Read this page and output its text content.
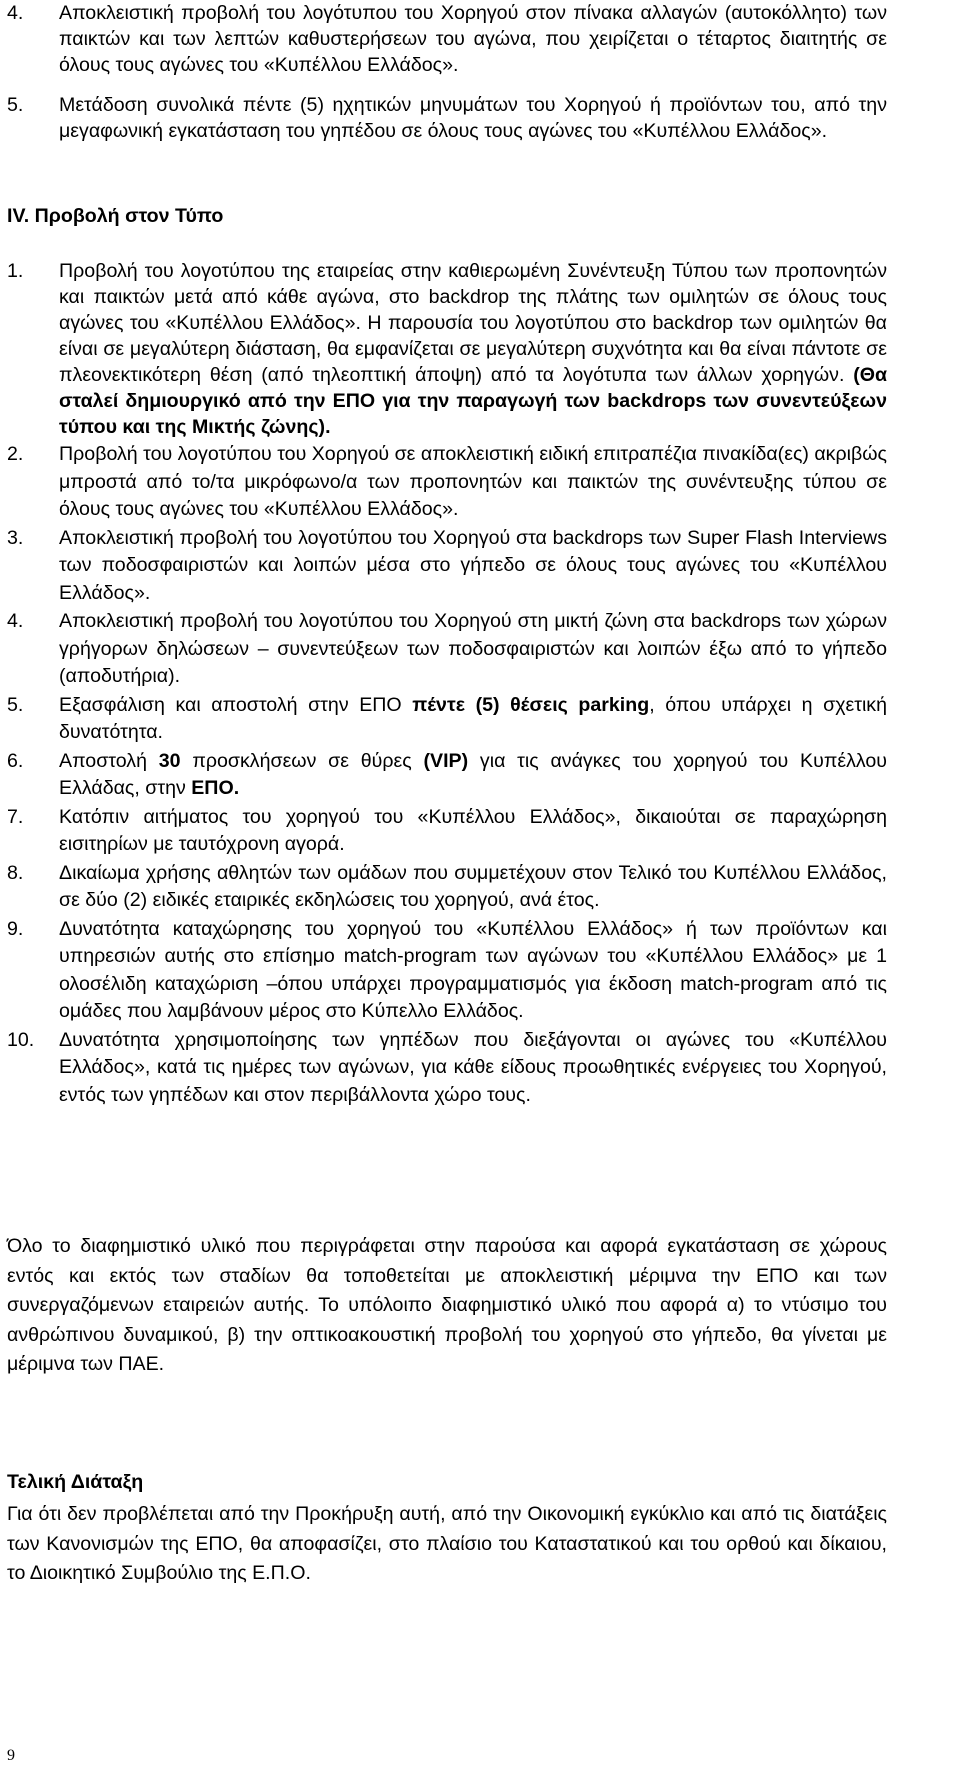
4.	Αποκλειστική προβολή του λογότυπου του Χορηγού στον πίνακα αλλαγών (αυτοκόλλητο) των παικτών και των λεπτών καθυστερήσεων του αγώνα, που χειρίζεται ο τέταρτος διαιτητής σε όλους τους αγώνες του «Κυπέλλου Ελλάδος».
5.	Μετάδοση συνολικά πέντε (5) ηχητικών μηνυμάτων του Χορηγού ή προϊόντων του, από την μεγαφωνική εγκατάσταση του γηπέδου σε όλους τους αγώνες του «Κυπέλλου Ελλάδος».
IV. Προβολή στον Τύπο
1.	Προβολή του λογοτύπου της εταιρείας στην καθιερωμένη Συνέντευξη Τύπου των προπονητών και παικτών μετά από κάθε αγώνα, στο backdrop της πλάτης των ομιλητών σε όλους τους αγώνες του «Κυπέλλου Ελλάδος». Η παρουσία του λογοτύπου στο backdrop των ομιλητών θα είναι σε μεγαλύτερη διάσταση, θα εμφανίζεται σε μεγαλύτερη συχνότητα και θα είναι πάντοτε σε πλεονεκτικότερη θέση (από τηλεοπτική άποψη) από τα λογότυπα των άλλων χορηγών. (Θα σταλεί δημιουργικό από την ΕΠΟ για την παραγωγή των backdrops των συνεντεύξεων τύπου και της Μικτής ζώνης).
2.	Προβολή του λογοτύπου του Χορηγού σε αποκλειστική ειδική επιτραπέζια πινακίδα(ες) ακριβώς μπροστά από το/τα μικρόφωνο/α των προπονητών και παικτών της συνέντευξης τύπου σε όλους τους αγώνες του «Κυπέλλου Ελλάδος».
3.	Αποκλειστική προβολή του λογοτύπου του Χορηγού στα backdrops των Super Flash Interviews των ποδοσφαιριστών και λοιπών μέσα στο γήπεδο σε όλους τους αγώνες του «Κυπέλλου Ελλάδος».
4.	Αποκλειστική προβολή του λογοτύπου του Χορηγού στη μικτή ζώνη στα backdrops των χώρων γρήγορων δηλώσεων – συνεντεύξεων των ποδοσφαιριστών και λοιπών έξω από το γήπεδο (αποδυτήρια).
5.	Εξασφάλιση και αποστολή στην ΕΠΟ πέντε (5) θέσεις parking, όπου υπάρχει η σχετική δυνατότητα.
6.	Αποστολή 30 προσκλήσεων σε θύρες (VIP) για τις ανάγκες του χορηγού του Κυπέλλου Ελλάδας, στην ΕΠΟ.
7.	Κατόπιν αιτήματος του χορηγού του «Κυπέλλου Ελλάδος», δικαιούται σε παραχώρηση εισιτηρίων με ταυτόχρονη αγορά.
8.	Δικαίωμα χρήσης αθλητών των ομάδων που συμμετέχουν στον Τελικό του Κυπέλλου Ελλάδος, σε δύο (2) ειδικές εταιρικές εκδηλώσεις του χορηγού, ανά έτος.
9.	Δυνατότητα καταχώρησης του χορηγού του «Κυπέλλου Ελλάδος» ή των προϊόντων και υπηρεσιών αυτής στο επίσημο match-program των αγώνων του «Κυπέλλου Ελλάδος» με 1 ολοσέλιδη καταχώριση –όπου υπάρχει προγραμματισμός για έκδοση match-program από τις ομάδες που λαμβάνουν μέρος στο Κύπελλο Ελλάδος.
10.	Δυνατότητα χρησιμοποίησης των γηπέδων που διεξάγονται οι αγώνες του «Κυπέλλου Ελλάδος», κατά τις ημέρες των αγώνων, για κάθε είδους προωθητικές ενέργειες του Χορηγού, εντός των γηπέδων και στον περιβάλλοντα χώρο τους.
Όλο το διαφημιστικό υλικό που περιγράφεται στην παρούσα και αφορά εγκατάσταση σε χώρους εντός και εκτός των σταδίων θα τοποθετείται με αποκλειστική μέριμνα την ΕΠΟ και των συνεργαζόμενων εταιρειών αυτής. Το υπόλοιπο διαφημιστικό υλικό που αφορά α) το ντύσιμο του ανθρώπινου δυναμικού, β) την οπτικοακουστική προβολή του χορηγού στο γήπεδο, θα γίνεται με μέριμνα των ΠΑΕ.
Τελική Διάταξη
Για ότι δεν προβλέπεται από την Προκήρυξη αυτή, από την Οικονομική εγκύκλιο και από τις διατάξεις των Κανονισμών της ΕΠΟ, θα αποφασίζει, στο πλαίσιο του Καταστατικού και του ορθού και δίκαιου, το Διοικητικό Συμβούλιο της Ε.Π.Ο.
9
